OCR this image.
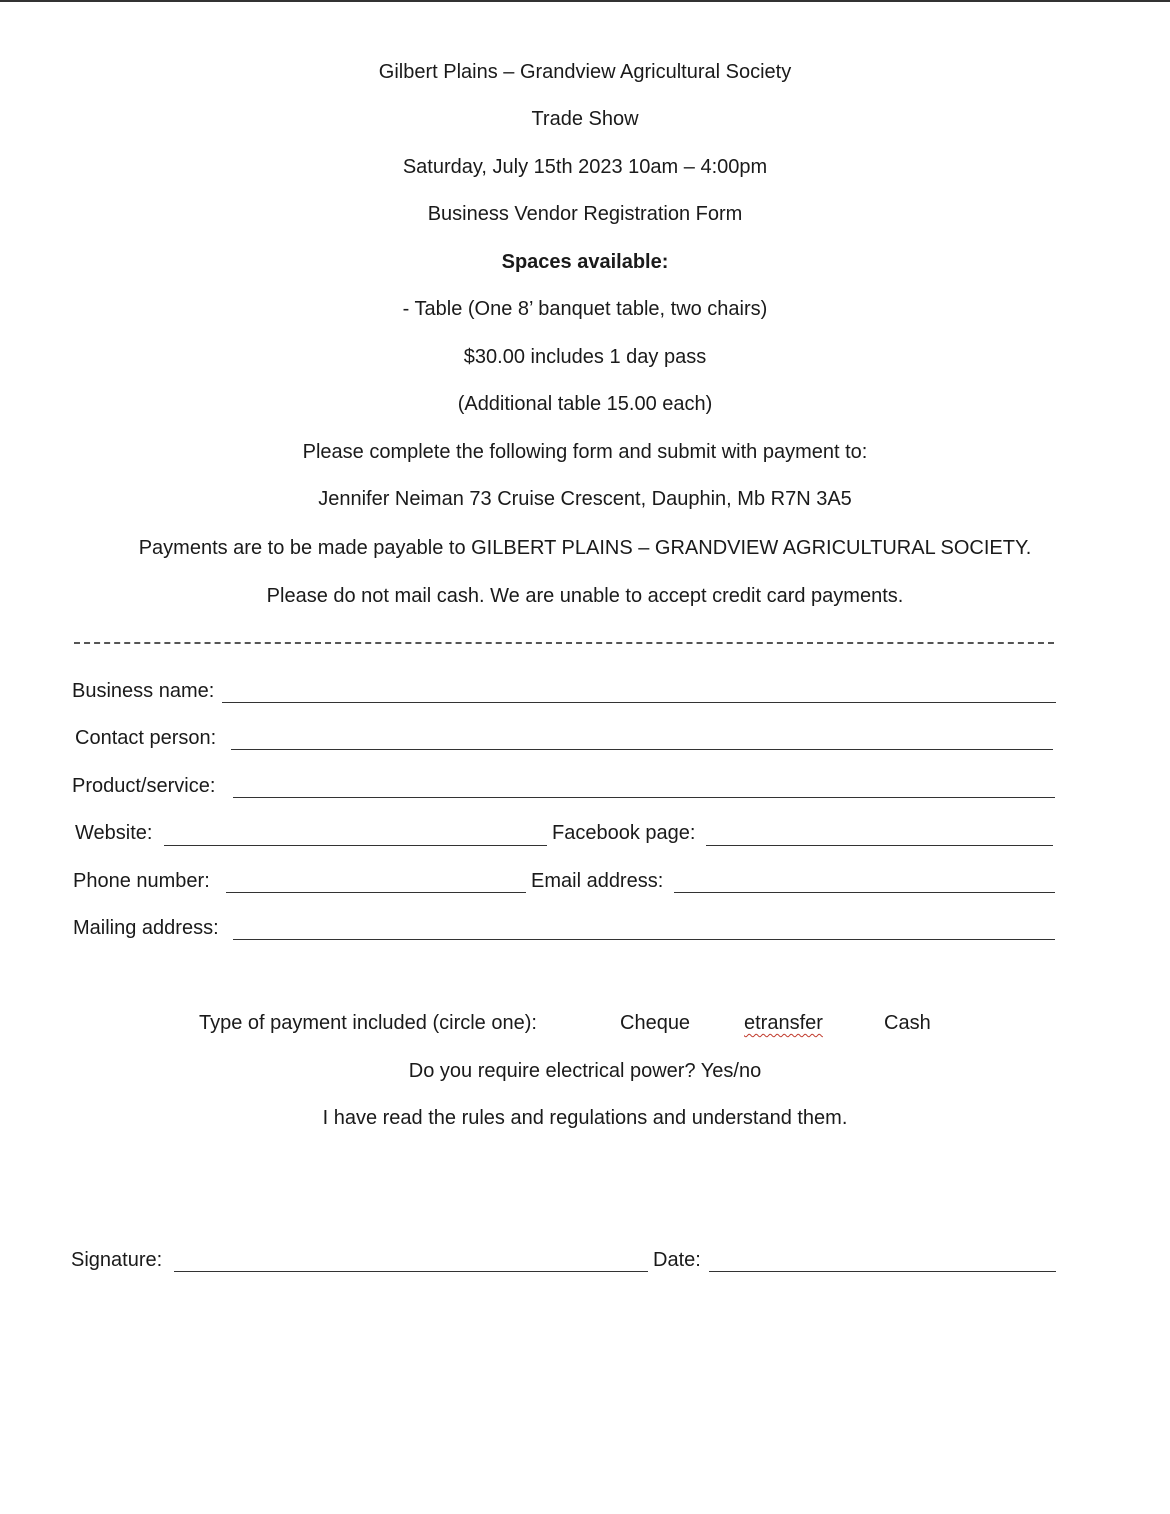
Gilbert Plains – Grandview Agricultural Society
Trade Show
Saturday, July 15th 2023 10am – 4:00pm
Business Vendor Registration Form
Spaces available:
- Table (One 8’ banquet table, two chairs)
$30.00 includes 1 day pass
(Additional table 15.00 each)
Please complete the following form and submit with payment to:
Jennifer Neiman 73 Cruise Crescent, Dauphin, Mb R7N 3A5
Payments are to be made payable to GILBERT PLAINS – GRANDVIEW AGRICULTURAL SOCIETY.
Please do not mail cash. We are unable to accept credit card payments.
Business name:
Contact person:
Product/service:
Website:	Facebook page:
Phone number:	Email address:
Mailing address:
Type of payment included (circle one):	Cheque	etransfer	Cash
Do you require electrical power? Yes/no
I have read the rules and regulations and understand them.
Signature:	Date:
